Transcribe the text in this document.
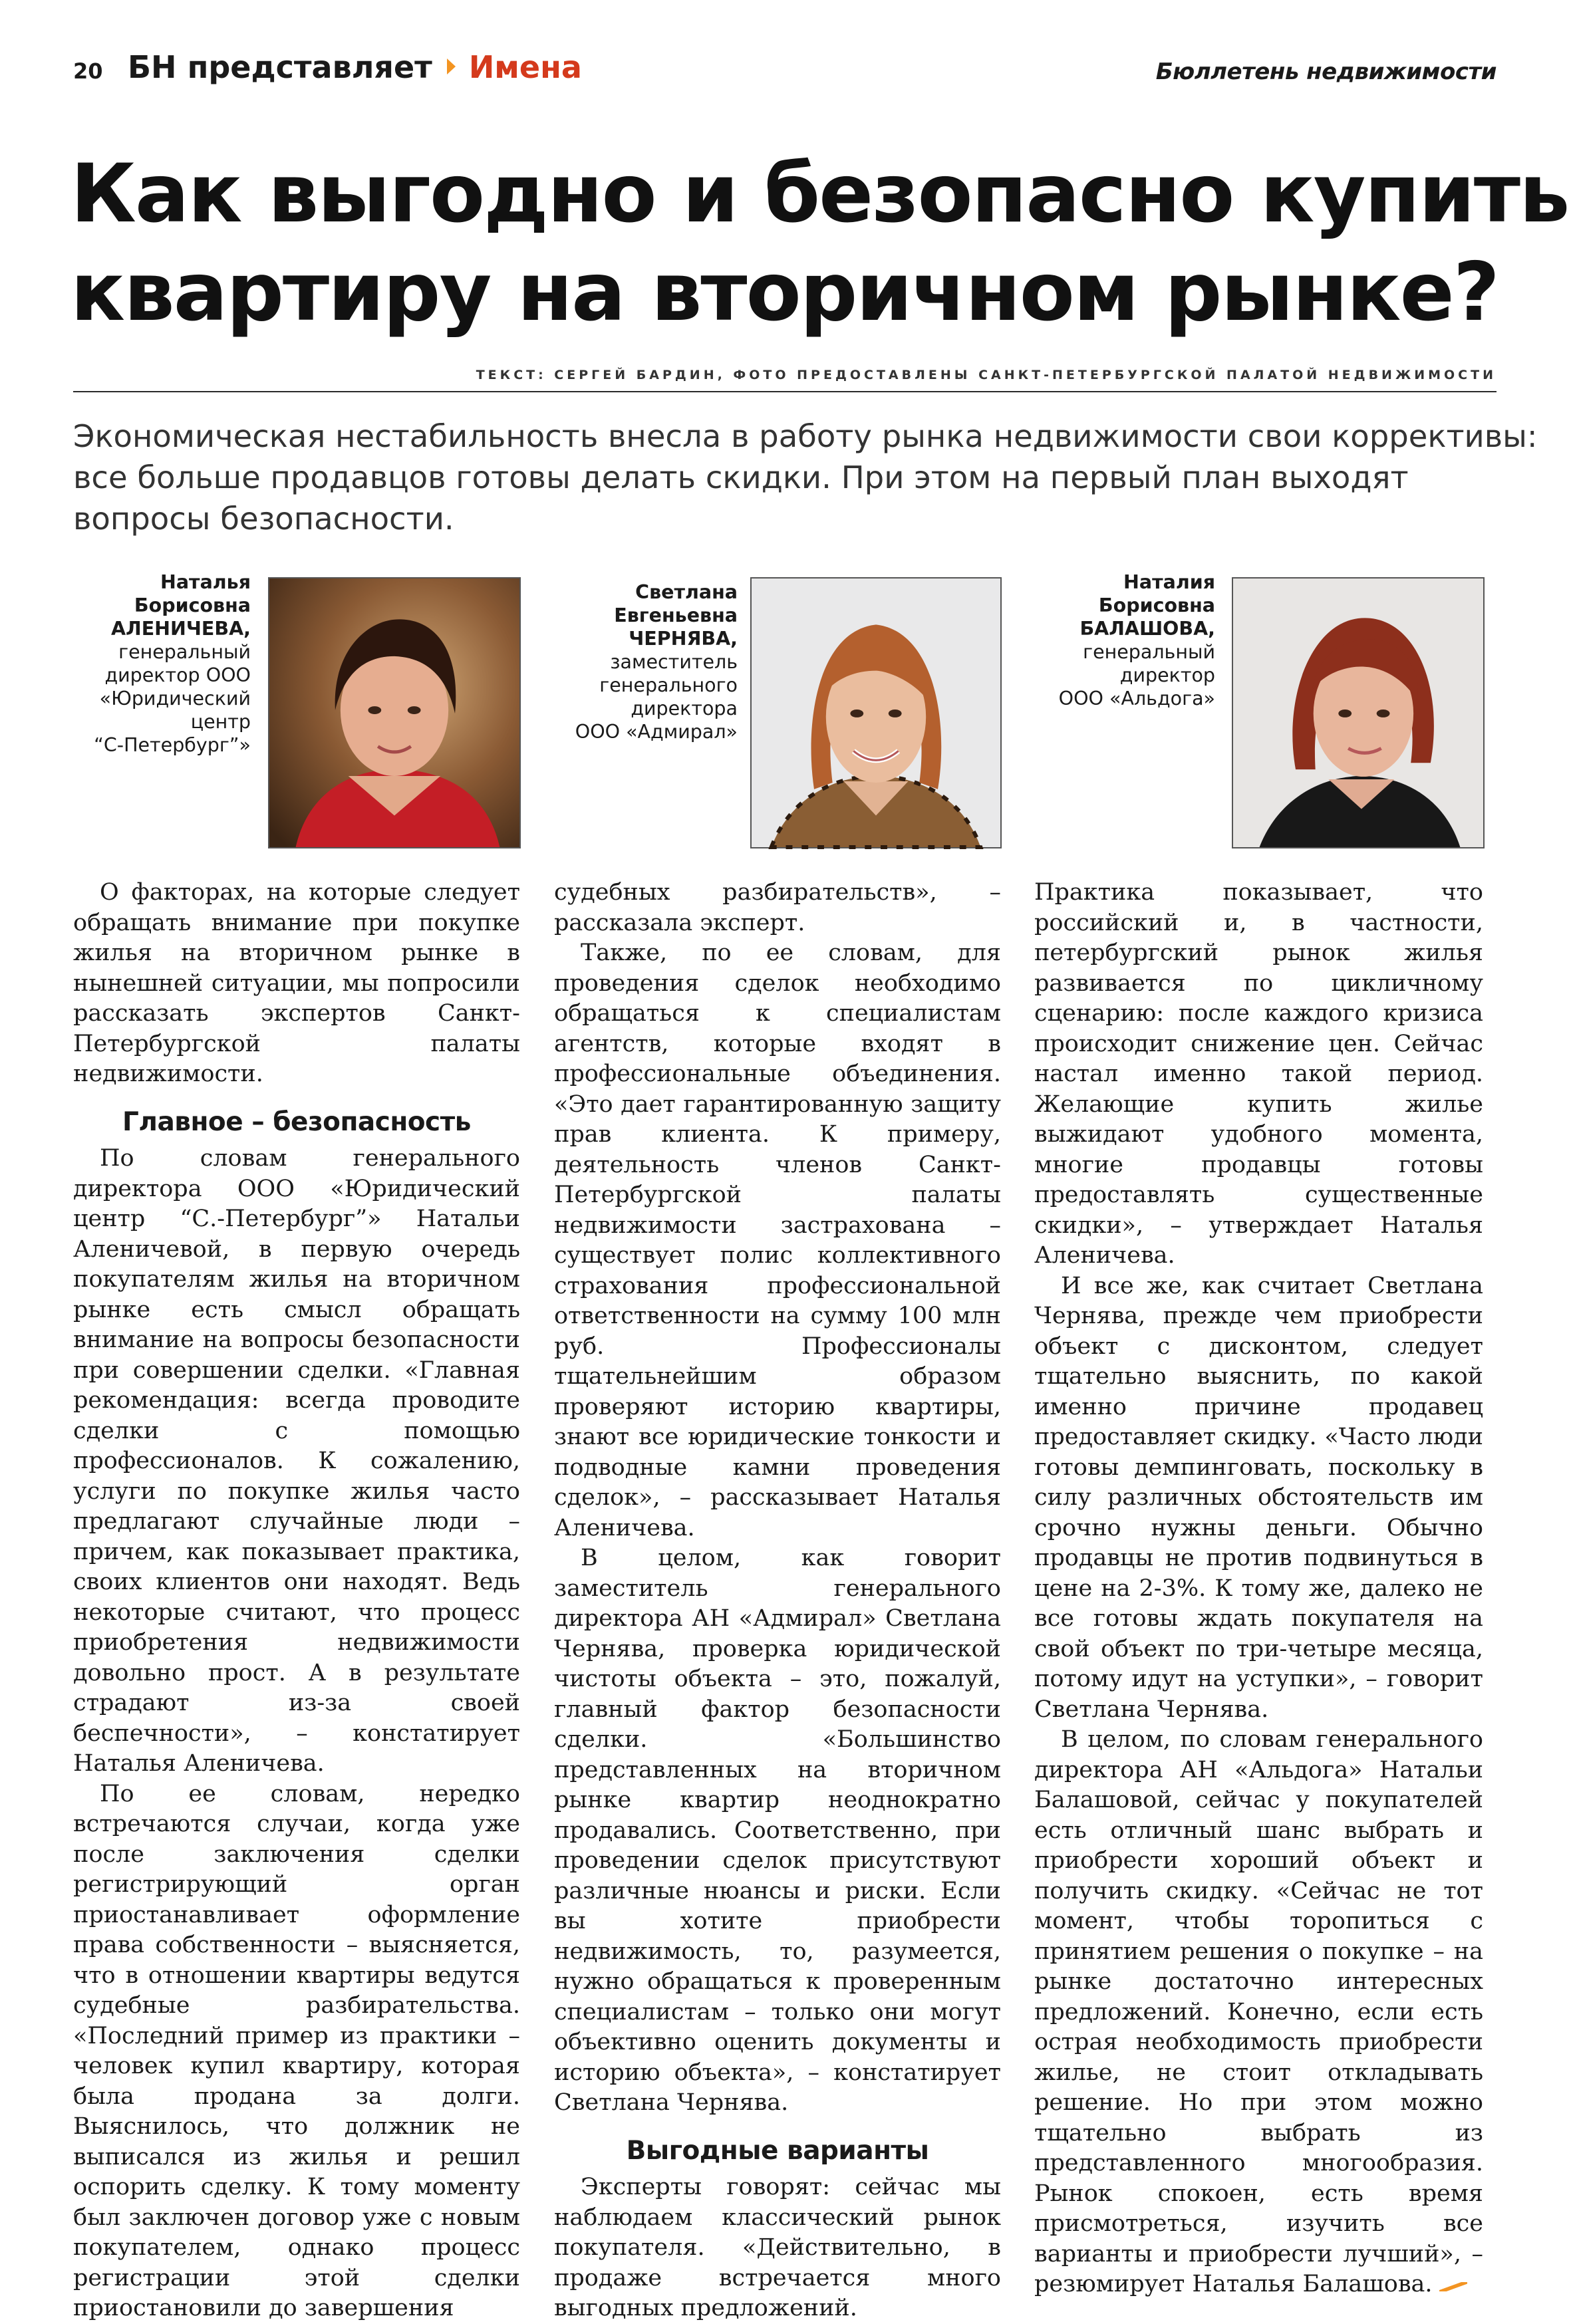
20 БН представляет Имена	Бюллетень недвижимости
Как выгодно и безопасно купить
квартиру на вторичном рынке?
ТЕКСТ: СЕРГЕЙ БАРДИН, ФОТО ПРЕДОСТАВЛЕНЫ САНКТ-ПЕТЕРБУРГСКОЙ ПАЛАТОЙ НЕДВИЖИМОСТИ
Экономическая нестабильность внесла в работу рынка недвижимости свои коррективы:
все больше продавцов готовы делать скидки. При этом на первый план выходят
вопросы безопасности.
Наталья
Борисовна
АЛЕНИЧЕВА,
генеральный
директор ООО
«Юридический
центр
“С-Петербург”»
Светлана
Евгеньевна
ЧЕРНЯВА,
заместитель
генерального
директора
ООО «Адмирал»
Наталия
Борисовна
БАЛАШОВА,
генеральный
директор
ООО «Альдога»

О факторах, на которые следует обращать внимание при покупке жилья на вторичном рынке в нынешней ситуации, мы попросили рассказать экспертов Санкт-Петербургской палаты недвижимости.

Главное – безопасность

По словам генерального директора ООО «Юридический центр “С.-Петербург”» Натальи Аленичевой, в первую очередь покупателям жилья на вторичном рынке есть смысл обращать внимание на вопросы безопасности при совершении сделки. «Главная рекомендация: всегда проводите сделки с помощью профессионалов. К сожалению, услуги по покупке жилья часто предлагают случайные люди – причем, как показывает практика, своих клиентов они находят. Ведь некоторые считают, что процесс приобретения недвижимости довольно прост. А в результате страдают из-за своей беспечности», – констатирует Наталья Аленичева.

По ее словам, нередко встречаются случаи, когда уже после заключения сделки регистрирующий орган приостанавливает оформление права собственности – выясняется, что в отношении квартиры ведутся судебные разбирательства. «Последний пример из практики – человек купил квартиру, которая была продана за долги. Выяснилось, что должник не выписался из жилья и решил оспорить сделку. К тому моменту был заключен договор уже с новым покупателем, однако процесс регистрации этой сделки приостановили до завершения

судебных разбирательств», – рассказала эксперт.

Также, по ее словам, для проведения сделок необходимо обращаться к специалистам агентств, которые входят в профессиональные объединения. «Это дает гарантированную защиту прав клиента. К примеру, деятельность членов Санкт-Петербургской палаты недвижимости застрахована – существует полис коллективного страхования профессиональной ответственности на сумму 100 млн руб. Профессионалы тщательнейшим образом проверяют историю квартиры, знают все юридические тонкости и подводные камни проведения сделок», – рассказывает Наталья Аленичева.

В целом, как говорит заместитель генерального директора АН «Адмирал» Светлана Чернява, проверка юридической чистоты объекта – это, пожалуй, главный фактор безопасности сделки. «Большинство представленных на вторичном рынке квартир неоднократно продавались. Соответственно, при проведении сделок присутствуют различные нюансы и риски. Если вы хотите приобрести недвижимость, то, разумеется, нужно обращаться к проверенным специалистам – только они могут объективно оценить документы и историю объекта», – констатирует Светлана Чернява.

Выгодные варианты

Эксперты говорят: сейчас мы наблюдаем классический рынок покупателя. «Действительно, в продаже встречается много выгодных предложений.

Практика показывает, что российский и, в частности, петербургский рынок жилья развивается по цикличному сценарию: после каждого кризиса происходит снижение цен. Сейчас настал именно такой период. Желающие купить жилье выжидают удобного момента, многие продавцы готовы предоставлять существенные скидки», – утверждает Наталья Аленичева.

И все же, как считает Светлана Чернява, прежде чем приобрести объект с дисконтом, следует тщательно выяснить, по какой именно причине продавец предоставляет скидку. «Часто люди готовы демпинговать, поскольку в силу различных обстоятельств им срочно нужны деньги. Обычно продавцы не против подвинуться в цене на 2-3%. К тому же, далеко не все готовы ждать покупателя на свой объект по три-четыре месяца, потому идут на уступки», – говорит Светлана Чернява.

В целом, по словам генерального директора АН «Альдога» Натальи Балашовой, сейчас у покупателей есть отличный шанс выбрать и приобрести хороший объект и получить скидку. «Сейчас не тот момент, чтобы торопиться с принятием решения о покупке – на рынке достаточно интересных предложений. Конечно, если есть острая необходимость приобрести жилье, не стоит откладывать решение. Но при этом можно тщательно выбрать из представленного многообразия. Рынок спокоен, есть время присмотреться, изучить все варианты и приобрести лучший», – резюмирует Наталья Балашова.
